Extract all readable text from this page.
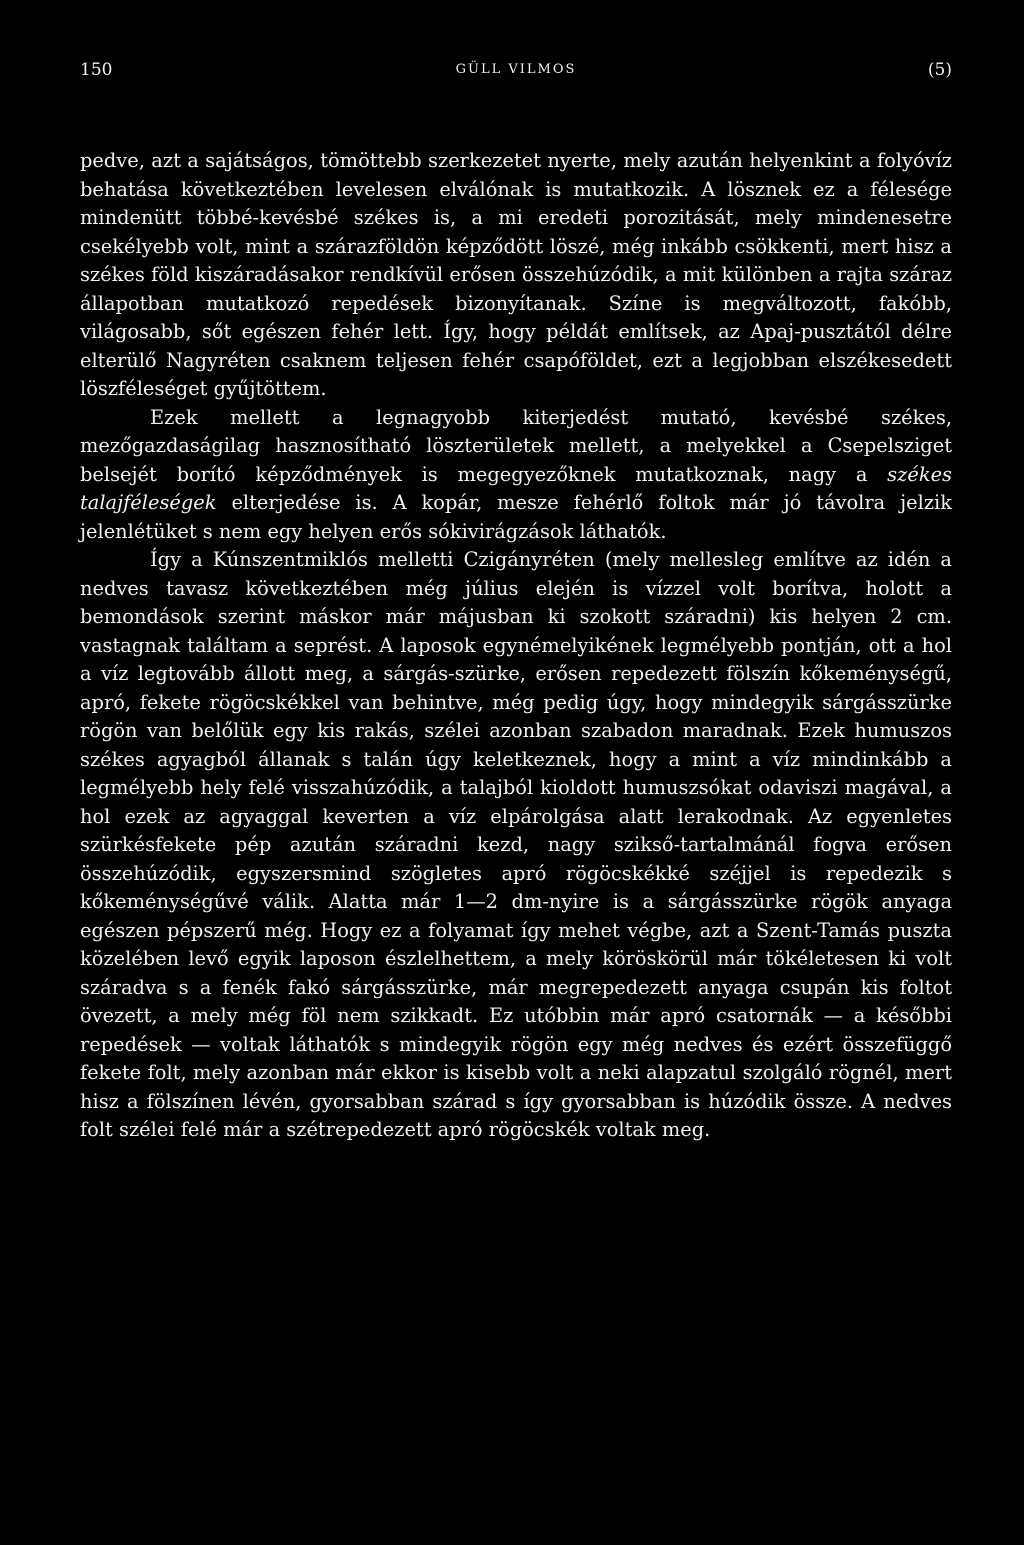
150	GÜLL VILMOS	(5)

pedve, azt a sajátságos, tömöttebb szerkezetet nyerte, mely azután helyenkint a folyóvíz behatása következtében levelesen elválónak is mutatkozik. A lösznek ez a félesége mindenütt többé-kevésbé székes is, a mi eredeti porozitását, mely mindenesetre csekélyebb volt, mint a szárazföldön képződött löszé, még inkább csökkenti, mert hisz a székes föld kiszáradásakor rendkívül erősen összehúzódik, a mit különben a rajta száraz állapotban mutatkozó repedések bizonyítanak. Színe is megváltozott, fakóbb, világosabb, sőt egészen fehér lett. Így, hogy példát említsek, az Apaj-pusztától délre elterülő Nagyréten csaknem teljesen fehér csapóföldet, ezt a legjobban elszékesedett löszféleséget gyűjtöttem.

Ezek mellett a legnagyobb kiterjedést mutató, kevésbé székes, mezőgazdaságilag hasznosítható löszterületek mellett, a melyekkel a Csepelsziget belsejét borító képződmények is megegyezőknek mutatkoznak, nagy a székes talajféleségek elterjedése is. A kopár, mesze fehérlő foltok már jó távolra jelzik jelenlétüket s nem egy helyen erős sókivirágzások láthatók.

Így a Kúnszentmiklós melletti Czigányréten (mely mellesleg említve az idén a nedves tavasz következtében még július elején is vízzel volt borítva, holott a bemondások szerint máskor már májusban ki szokott száradni) kis helyen 2 cm. vastagnak találtam a seprést. A laposok egynémelyikének legmélyebb pontján, ott a hol a víz legtovább állott meg, a sárgás-szürke, erősen repedezett fölszín kőkeménységű, apró, fekete rögöcskékkel van behintve, még pedig úgy, hogy mindegyik sárgásszürke rögön van belőlük egy kis rakás, szélei azonban szabadon maradnak. Ezek humuszos székes agyagból állanak s talán úgy keletkeznek, hogy a mint a víz mindinkább a legmélyebb hely felé visszahúzódik, a talajból kioldott humuszsókat odaviszi magával, a hol ezek az agyaggal keverten a víz elpárolgása alatt lerakodnak. Az egyenletes szürkésfekete pép azután száradni kezd, nagy szikső-tartalmánál fogva erősen összehúzódik, egyszersmind szögletes apró rögöcskékké széjjel is repedezik s kőkeménységűvé válik. Alatta már 1—2 dm-nyire is a sárgásszürke rögök anyaga egészen pépszerű még. Hogy ez a folyamat így mehet végbe, azt a Szent-Tamás puszta közelében levő egyik laposon észlelhettem, a mely köröskörül már tökéletesen ki volt száradva s a fenék fakó sárgásszürke, már megrepedezett anyaga csupán kis foltot övezett, a mely még föl nem szikkadt. Ez utóbbin már apró csatornák — a későbbi repedések — voltak láthatók s mindegyik rögön egy még nedves és ezért összefüggő fekete folt, mely azonban már ekkor is kisebb volt a neki alapzatul szolgáló rögnél, mert hisz a fölszínen lévén, gyorsabban szárad s így gyorsabban is húzódik össze. A nedves folt szélei felé már a szétrepedezett apró rögöcskék voltak meg.
